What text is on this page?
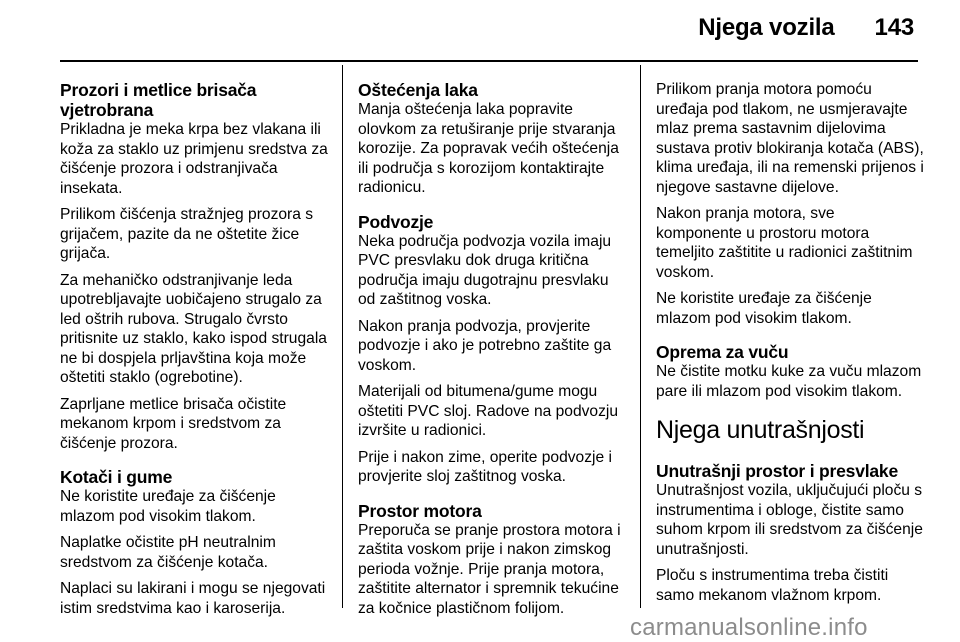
Njega vozila 143
Prozori i metlice brisača vjetrobrana

Prikladna je meka krpa bez vlakana ili koža za staklo uz primjenu sredstva za čišćenje prozora i odstranjivača insekata.

Prilikom čišćenja stražnjeg prozora s grijačem, pazite da ne oštetite žice grijača.

Za mehaničko odstranjivanje leda upotrebljavajte uobičajeno strugalo za led oštrih rubova. Strugalo čvrsto pritisnite uz staklo, kako ispod strugala ne bi dospjela prljavština koja može oštetiti staklo (ogrebotine).

Zaprljane metlice brisača očistite mekanom krpom i sredstvom za čišćenje prozora.

Kotači i gume

Ne koristite uređaje za čišćenje mlazom pod visokim tlakom.

Naplatke očistite pH neutralnim sredstvom za čišćenje kotača.

Naplaci su lakirani i mogu se njegovati istim sredstvima kao i karoserija.

Oštećenja laka

Manja oštećenja laka popravite olovkom za retuširanje prije stvaranja korozije. Za popravak većih oštećenja ili područja s korozijom kontaktirajte radionicu.

Podvozje

Neka područja podvozja vozila imaju PVC presvlaku dok druga kritična područja imaju dugotrajnu presvlaku od zaštitnog voska.

Nakon pranja podvozja, provjerite podvozje i ako je potrebno zaštite ga voskom.

Materijali od bitumena/gume mogu oštetiti PVC sloj. Radove na podvozju izvršite u radionici.

Prije i nakon zime, operite podvozje i provjerite sloj zaštitnog voska.

Prostor motora

Preporuča se pranje prostora motora i zaštita voskom prije i nakon zimskog perioda vožnje. Prije pranja motora, zaštitite alternator i spremnik tekućine za kočnice plastičnom folijom.

Prilikom pranja motora pomoću uređaja pod tlakom, ne usmjeravajte mlaz prema sastavnim dijelovima sustava protiv blokiranja kotača (ABS), klima uređaja, ili na remenski prijenos i njegove sastavne dijelove.

Nakon pranja motora, sve komponente u prostoru motora temeljito zaštitite u radionici zaštitnim voskom.

Ne koristite uređaje za čišćenje mlazom pod visokim tlakom.

Oprema za vuču

Ne čistite motku kuke za vuču mlazom pare ili mlazom pod visokim tlakom.

Njega unutrašnjosti
Unutrašnji prostor i presvlake

Unutrašnjost vozila, uključujući ploču s instrumentima i obloge, čistite samo suhom krpom ili sredstvom za čišćenje unutrašnjosti.

Ploču s instrumentima treba čistiti samo mekanom vlažnom krpom.

carmanualsonline.info
